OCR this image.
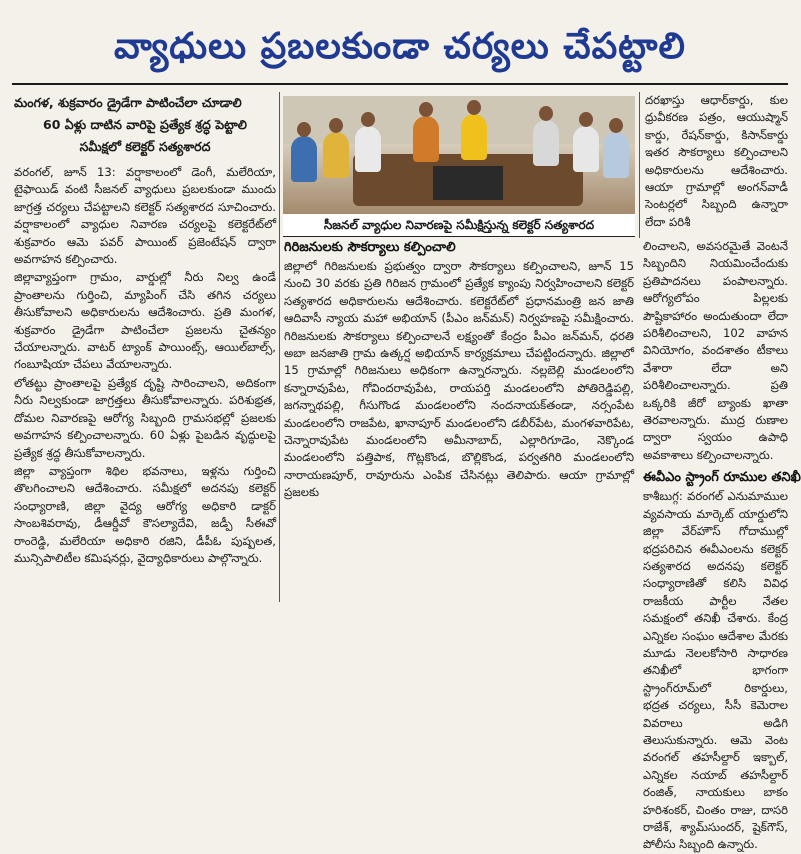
వ్యాధులు ప్రబలకుండా చర్యలు చేపట్టాలి
మంగళ, శుక్రవారం డ్రైడేగా పాటించేలా చూడాలి
60 ఏళ్లు దాటిన వారిపై ప్రత్యేక శ్రద్ధ పెట్టాలి
సమీక్షలో కలెక్టర్ సత్యశారద

వరంగల్, జూన్ 13: వర్షాకాలంలో డెంగీ, మలేరియా, టైఫాయిడ్ వంటి సీజనల్ వ్యాధులు ప్రబలకుండా ముందు జాగ్రత్త చర్యలు చేపట్టాలని కలెక్టర్ సత్యశారద సూచించారు. వర్షాకాలంలో వ్యాధుల నివారణ చర్యలపై కలెక్టరేట్‌లో శుక్రవారం ఆమె పవర్ పాయింట్ ప్రజెంటేషన్ ద్వారా అవగాహన కల్పించారు.

జిల్లావ్యాప్తంగా గ్రామం, వార్డుల్లో నీరు నిల్వ ఉండే ప్రాంతాలను గుర్తించి, మ్యాపింగ్ చేసి తగిన చర్యలు తీసుకోవాలని అధికారులను ఆదేశించారు. ప్రతి మంగళ, శుక్రవారం డ్రైడేగా పాటించేలా ప్రజలను చైతన్యం చేయాలన్నారు. వాటర్ ట్యాంక్ పాయింట్స్, ఆయిల్‌బాల్స్, గంబూషియా చేపలు వేయాలన్నారు.

లోతట్టు ప్రాంతాలపై ప్రత్యేక దృష్టి సారించాలని, అదికంగా నీరు నిల్వకుండా జాగ్రత్తలు తీసుకోవాలన్నారు. పరిశుభ్రత, దోమల నివారణపై ఆరోగ్య సిబ్బంది గ్రామసభల్లో ప్రజలకు అవగాహన కల్పించాలన్నారు. 60 ఏళ్లు పైబడిన వృద్ధులపై ప్రత్యేక శ్రద్ధ తీసుకోవాలన్నారు.

జిల్లా వ్యాప్తంగా శిథిల భవనాలు, ఇళ్లను గుర్తించి తొలగించాలని ఆదేశించారు. సమీక్షలో అదనపు కలెక్టర్ సంధ్యారాణి, జిల్లా వైద్య ఆరోగ్య అధికారి డాక్టర్ సాంబశివరావు, డీఆర్డీవో కౌసల్యాదేవి, జడ్పీ సీఈవో రాంరెడ్డి, మలేరియా అధికారి రజిని, డీపీఓ పుష్పలత, మున్సిపాలిటీల కమిషనర్లు, వైద్యాధికారులు పాల్గొన్నారు.

సీజనల్ వ్యాధుల నివారణపై సమీక్షిస్తున్న కలెక్టర్ సత్యశారద
గిరిజనులకు సౌకర్యాలు కల్పించాలి

జిల్లాలో గిరిజనులకు ప్రభుత్వం ద్వారా సౌకర్యాలు కల్పించాలని, జూన్ 15 నుంచి 30 వరకు ప్రతి గిరిజన గ్రామంలో ప్రత్యేక క్యాంపు నిర్వహించాలని కలెక్టర్ సత్యశారద అధికారులను ఆదేశించారు. కలెక్టరేట్‌లో ప్రధానమంత్రి జన జాతి ఆదివాసీ న్యాయ మహా అభియాన్ (పీఎం జన్‌మన్) నిర్వహణపై సమీక్షించారు. గిరిజనులకు సౌకర్యాలు కల్పించాలనే లక్ష్యంతో కేంద్రం పీఎం జన్‌మన్, ధరతి అబా జనజాతి గ్రామ ఉత్కర్ష అభియాన్ కార్యక్రమాలు చేపట్టిందన్నారు. జిల్లాలో 15 గ్రామాల్లో గిరిజనులు అధికంగా ఉన్నారన్నారు. నల్లబెల్లి మండలంలోని కన్నారావుపేట, గోవిందరావుపేట, రాయపర్తి మండలంలోని పోతిరెడ్డిపల్లి, జగన్నాథపల్లి, గీసుగొండ మండలంలోని నందనాయక్‌తండా, నర్సంపేట మండలంలోని రాజపేట, ఖానాపూర్ మండలంలోని డబీర్‌పేట, మంగళవారిపేట, చెన్నారావుపేట మండలంలోని అమీనాబాద్, ఎల్లారిగూడెం, నెక్కొండ మండలంలోని పత్తిపాక, గొట్లకొండ, బొల్లికొండ, పర్వతగిరి మండలంలోని నారాయణపూర్, రావూరును ఎంపిక చేసినట్లు తెలిపారు. ఆయా గ్రామాల్లో ప్రజలకు

దరఖాస్తు ఆధార్‌కార్డు, కుల ధ్రువీకరణ పత్రం, ఆయుష్మాన్ కార్డు, రేషన్‌కార్డు, కిసాన్‌కార్డు ఇతర సౌకర్యాలు కల్పించాలని అధికారులను ఆదేశించారు. ఆయా గ్రామాల్లో అంగన్‌వాడీ సెంటర్లలో సిబ్బంది ఉన్నారా లేదా పరిశీ

లించాలని, అవసరమైతే వెంటనే సిబ్బందిని నియమించేందుకు ప్రతిపాదనలు పంపాలన్నారు. ఆరోగ్యలోపం పిల్లలకు పౌష్టికాహారం అందుతుందా లేదా పరిశీలించాలని, 102 వాహన వినియోగం, వందశాతం టీకాలు వేశారా లేదా అని పరిశీలించాలన్నారు. ప్రతి ఒక్కరికి జీరో బ్యాంకు ఖాతా తెరవాలన్నారు. ముద్ర రుణాల ద్వారా స్వయం ఉపాధి అవకాశాలు కల్పించాలన్నారు.

ఈవీఎం స్ట్రాంగ్ రూముల తనిఖీ

కాశీబుగ్గ: వరంగల్ ఎనుమాముల వ్యవసాయ మార్కెట్ యార్డులోని జిల్లా వేర్‌హౌస్ గోదాముల్లో భద్రపరిచిన ఈవీఎంలను కలెక్టర్ సత్యశారద అదనపు కలెక్టర్ సంధ్యారాణితో కలిసి వివిధ రాజకీయ పార్టీల నేతల సమక్షంలో తనిఖీ చేశారు. కేంద్ర ఎన్నికల సంఘం ఆదేశాల మేరకు మూడు నెలలకోసారి సాధారణ తనిఖీలో భాగంగా స్ట్రాంగ్‌రూమ్‌లో రికార్డులు, భద్రత చర్యలు, సీసీ కెమెరాల వివరాలు అడిగి తెలుసుకున్నారు. ఆమె వెంట వరంగల్ తహసీల్దార్ ఇక్బాల్, ఎన్నికల నయాబ్ తహసీల్దార్ రంజిత్, నాయకులు బాకం హరిశంకర్, చింతం రాజు, దాసరి రాజేశ్, శ్యామ్‌సుందర్, షైక్‌గౌస్, పోలీసు సిబ్బంది ఉన్నారు.
